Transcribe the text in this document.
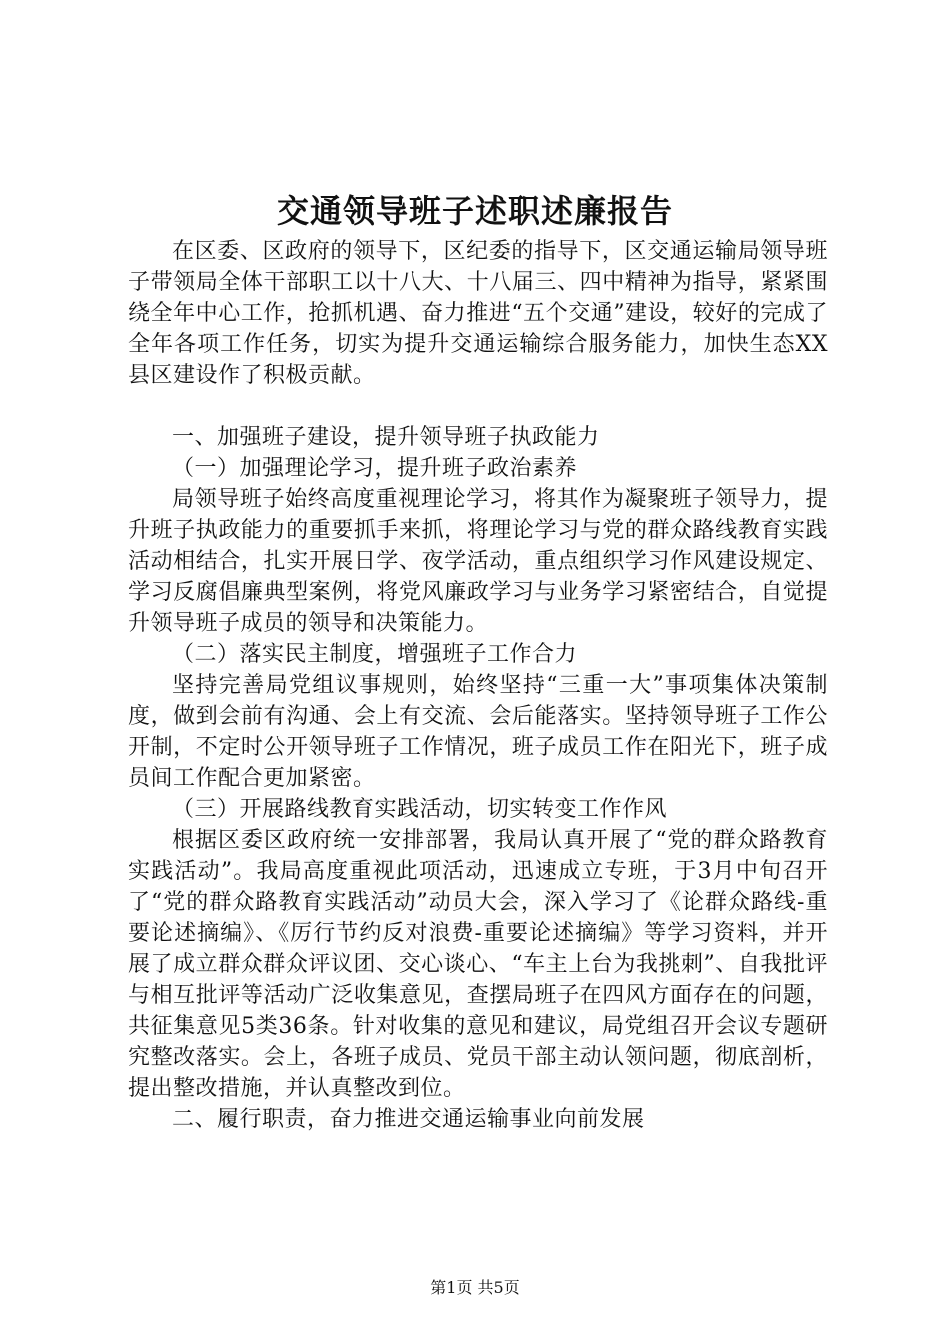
交通领导班子述职述廉报告

在区委、区政府的领导下，区纪委的指导下，区交通运输局领导班子带领局全体干部职工以十八大、十八届三、四中精神为指导，紧紧围绕全年中心工作，抢抓机遇、奋力推进“五个交通”建设，较好的完成了全年各项工作任务，切实为提升交通运输综合服务能力，加快生态XX县区建设作了积极贡献。

一、加强班子建设，提升领导班子执政能力

（一）加强理论学习，提升班子政治素养

局领导班子始终高度重视理论学习，将其作为凝聚班子领导力，提升班子执政能力的重要抓手来抓，将理论学习与党的群众路线教育实践活动相结合，扎实开展日学、夜学活动，重点组织学习作风建设规定、学习反腐倡廉典型案例，将党风廉政学习与业务学习紧密结合，自觉提升领导班子成员的领导和决策能力。

（二）落实民主制度，增强班子工作合力

坚持完善局党组议事规则，始终坚持“三重一大”事项集体决策制度，做到会前有沟通、会上有交流、会后能落实。坚持领导班子工作公开制，不定时公开领导班子工作情况，班子成员工作在阳光下，班子成员间工作配合更加紧密。

（三）开展路线教育实践活动，切实转变工作作风

根据区委区政府统一安排部署，我局认真开展了“党的群众路教育实践活动”。我局高度重视此项活动，迅速成立专班，于3月中旬召开了“党的群众路教育实践活动”动员大会，深入学习了《论群众路线-重要论述摘编》、《厉行节约反对浪费-重要论述摘编》等学习资料，并开展了成立群众群众评议团、交心谈心、“车主上台为我挑刺”、自我批评与相互批评等活动广泛收集意见，查摆局班子在四风方面存在的问题，共征集意见5类36条。针对收集的意见和建议，局党组召开会议专题研究整改落实。会上，各班子成员、党员干部主动认领问题，彻底剖析，提出整改措施，并认真整改到位。

二、履行职责，奋力推进交通运输事业向前发展

第1页 共5页
